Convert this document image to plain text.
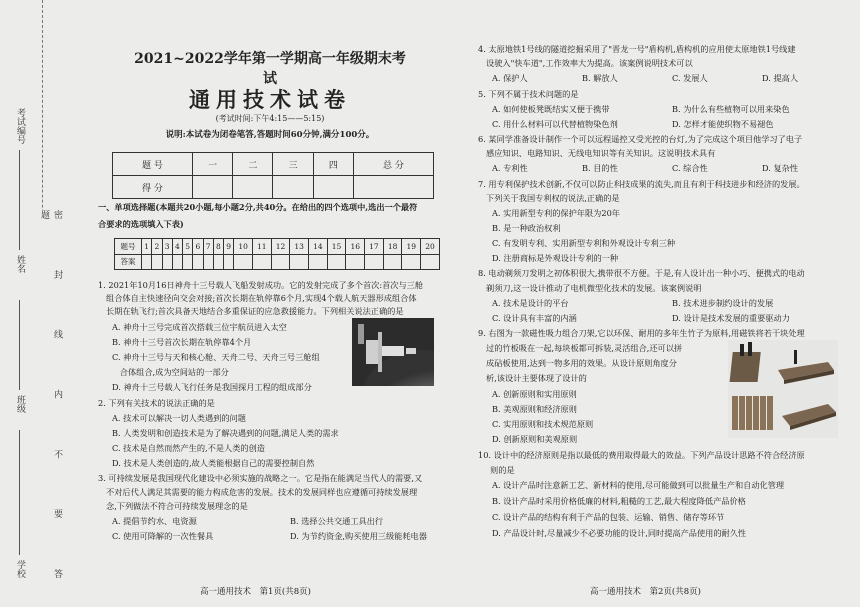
学校
班级
姓名
考试编号
密 封 线 内 不 要 答 题
2021~2022学年第一学期高一年级期末考试
通用技术试卷
(考试时间:下午4:15——5:15)
说明:本试卷为闭卷笔答,答题时间60分钟,满分100分。
题 号	一	二	三	四	总 分
得 分					
一、单项选择题(本题共20小题,每小题2分,共40分。在给出的四个选项中,选出一个最符
合要求的选项填入下表)
题号	1	2	3	4	5	6	7	8	9	10	11	12	13	14	15	16	17	18	19	20
答案																				
1. 2021年10月16日神舟十三号载人飞船发射成功。它的发射完成了多个首次:首次与三舱
组合体自主快速径向交会对接;首次长期在轨停靠6个月,实现4个载人航天器形成组合体
长期在轨飞行;首次具备天地结合多重保证的应急救援能力。下列相关说法正确的是
A. 神舟十三号完成首次搭载三位宇航员进入太空
B. 神舟十三号首次长期在轨停靠4个月
C. 神舟十三号与天和核心舱、天舟二号、天舟三号三舱组
合体组合,成为空间站的一部分
D. 神舟十三号载人飞行任务是我国探月工程的组成部分
2. 下列有关技术的说法正确的是
A. 技术可以解决一切人类遇到的问题
B. 人类发明和创造技术是为了解决遇到的问题,满足人类的需求
C. 技术是自然而然产生的,不是人类的创造
D. 技术是人类创造的,故人类能根据自己的需要控制自然
3. 可持续发展是我国现代化建设中必须实施的战略之一。它是指在能满足当代人的需要,又
不对后代人满足其需要的能力构成危害的发展。技术的发展同样也应遵循可持续发展理
念,下列做法不符合可持续发展理念的是
A. 提倡节约水、电资源	B. 选择公共交通工具出行
C. 使用可降解的一次性餐具	D. 为节约资金,购买使用三级能耗电器
高一通用技术　第1页(共8页)
4. 太原地铁1号线的隧道挖掘采用了"晋龙一号"盾构机,盾构机的应用使太原地铁1号线建
设驶入"快车道",工作效率大为提高。该案例说明技术可以
A. 保护人	B. 解放人	C. 发展人	D. 提高人
5. 下列不属于技术问题的是
A. 如何使板凳既结实又便于携带	B. 为什么有些植物可以用来染色
C. 用什么材料可以代替植物染色剂	D. 怎样才能使织物不易褪色
6. 某同学准备设计制作一个可以远程遥控又受光控的台灯,为了完成这个项目他学习了电子
感应知识、电路知识、无线电知识等有关知识。这说明技术具有
A. 专利性	B. 目的性	C. 综合性	D. 复杂性
7. 用专利保护技术创新,不仅可以防止科技成果的流失,而且有利于科技进步和经济的发展。
下列关于我国专利权的说法,正确的是
A. 实用新型专利的保护年限为20年
B. 是一种政治权利
C. 有发明专利、实用新型专利和外观设计专利三种
D. 注册商标是外观设计专利的一种
8. 电动剃须刀发明之初体积很大,携带很不方便。于是,有人设计出一种小巧、便携式的电动
剃须刀,这一设计推动了电机微型化技术的发展。该案例说明
A. 技术是设计的平台	B. 技术进步制约设计的发展
C. 设计具有丰富的内涵	D. 设计是技术发展的重要驱动力
9. 右图为一款磁性吸力组合刀架,它以环保、耐用的多年生竹子为原料,用磁铁将若干块处理
过的竹板吸在一起,每块板都可拆装,灵活组合,还可以拼
成砧板使用,达到一物多用的效果。从设计原则角度分
析,该设计主要体现了设计的
A. 创新原则和实用原则
B. 美观原则和经济原则
C. 实用原则和技术规范原则
D. 创新原则和美观原则
10. 设计中的经济原则是指以最低的费用取得最大的效益。下列产品设计思路不符合经济原
则的是
A. 设计产品时注意新工艺、新材料的使用,尽可能做到可以批量生产和自动化管理
B. 设计产品时采用价格低廉的材料,粗糙的工艺,最大程度降低产品价格
C. 设计产品的结构有利于产品的包装、运输、销售、储存等环节
D. 产品设计时,尽量减少不必要功能的设计,同时提高产品使用的耐久性
高一通用技术　第2页(共8页)
